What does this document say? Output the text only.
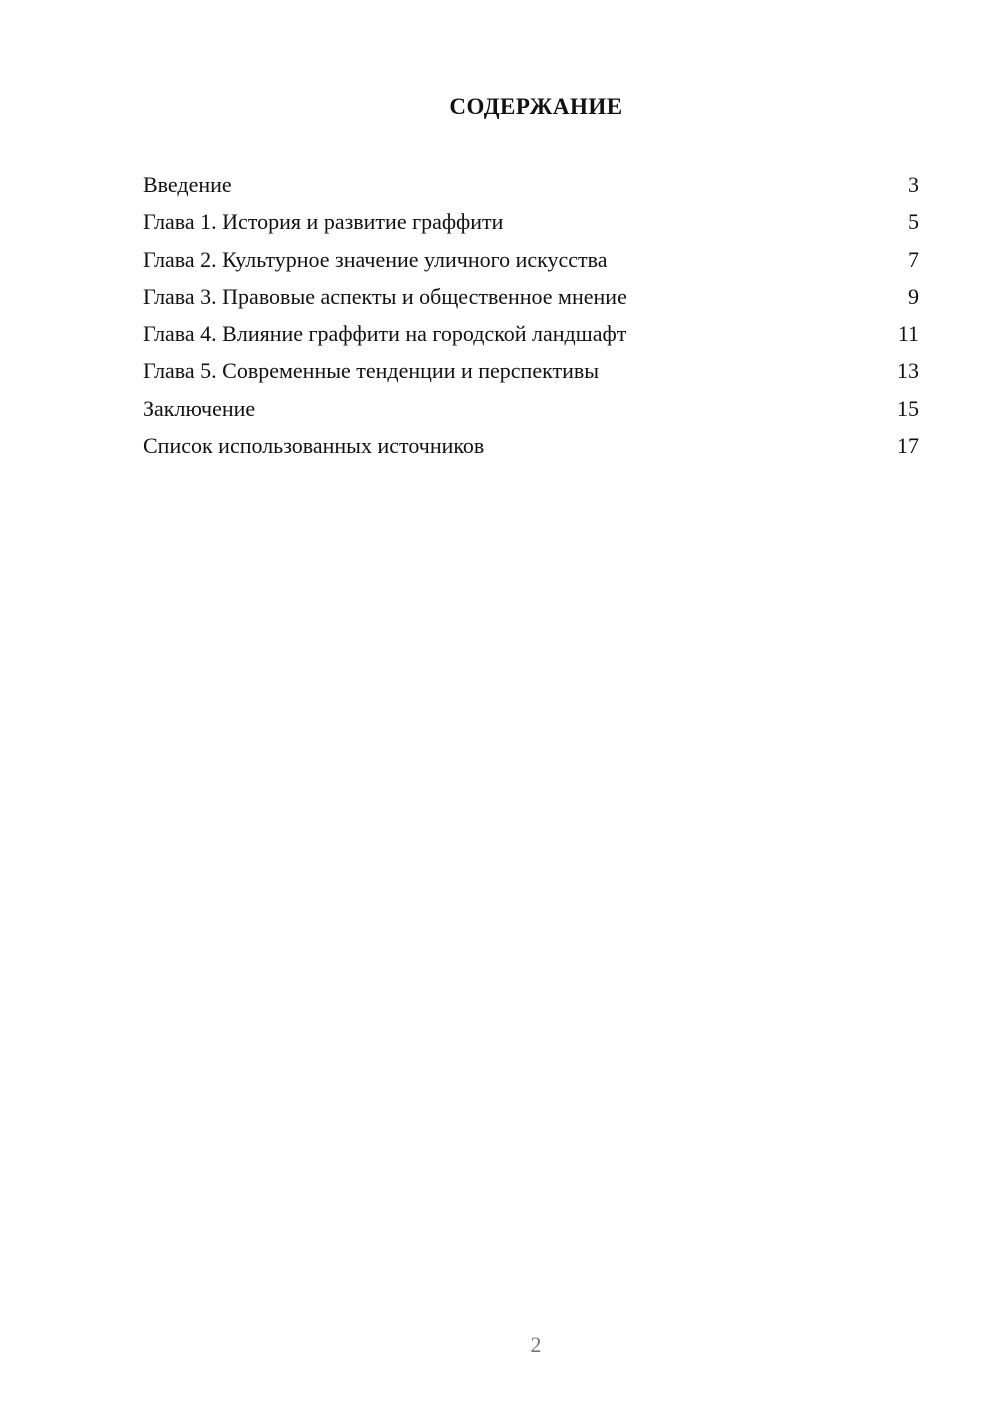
СОДЕРЖАНИЕ
Введение	3
Глава 1. История и развитие граффити	5
Глава 2. Культурное значение уличного искусства	7
Глава 3. Правовые аспекты и общественное мнение	9
Глава 4. Влияние граффити на городской ландшафт	11
Глава 5. Современные тенденции и перспективы	13
Заключение	15
Список использованных источников	17
2
